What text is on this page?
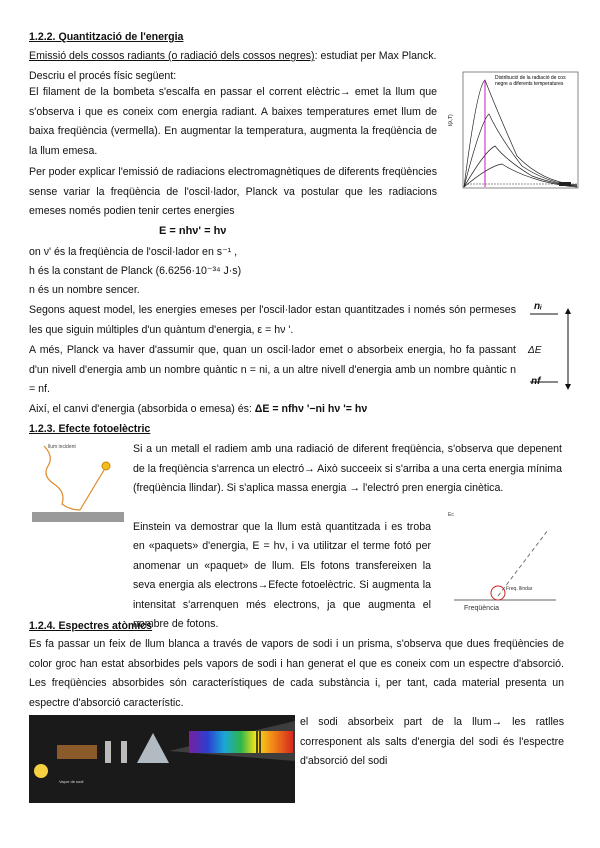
1.2.2. Quantització de l'energia
Emissió dels cossos radiants (o radiació dels cossos negres): estudiat per Max Planck.
Descriu el procés físic següent:
El filament de la bombeta s'escalfa en passar el corrent elèctric→ emet la llum que s'observa i que es coneix com energia radiant. A baixes temperatures emet llum de baixa freqüència (vermella). En augmentar la temperatura, augmenta la freqüència de la llum emesa.
Per poder explicar l'emissió de radiacions electromagnètiques de diferents freqüències sense variar la freqüència de l'oscil·lador, Planck va postular que les radiacions emeses només podien tenir certes energies
E = nhν' = hν
on ν' és la freqüència de l'oscil·lador en s⁻¹ ,
h és la constant de Planck (6.6256·10⁻³⁴ J·s)
n és un nombre sencer.
Segons aquest model, les energies emeses per l'oscil·lador estan quantitzades i només són permeses les que siguin múltiples d'un quàntum d'energia, ε = hν '.
A més, Planck va haver d'assumir que, quan un oscil·lador emet o absorbeix energia, ho fa passant d'un nivell d'energia amb un nombre quàntic n = ni, a un altre nivell d'energia amb un nombre quàntic n = nf.
Així, el canvi d'energia (absorbida o emesa) és: ΔE = nfhν '−ni hν '= hν
Distribució de la radiació de cos
negre a diferents temperatures
I(λ,T)
nᵢ
nf
ΔE
1.2.3. Efecte fotoelèctric
llum incident	Si a un metall el radiem amb una radiació de diferent freqüència, s'observa que depenent de la freqüència s'arrenca un electró→ Això succeeix si s'arriba a una certa energia mínima (freqüència llindar). Si s'aplica massa energia → l'electró pren energia cinètica.
Einstein va demostrar que la llum està quantitzada i es troba en «paquets» d'energia, E = hν, i va utilitzar el terme fotó per anomenar un «paquet» de llum. Els fotons transfereixen la seva energia als electrons→Efecte fotoelèctric. Si augmenta la intensitat s'arrenquen més electrons, ja que augmenta el nombre de fotons.
Ec
Freq. llindar
Freqüència
1.2.4. Espectres atòmics
Es fa passar un feix de llum blanca a través de vapors de sodi i un prisma, s'observa que dues freqüències de color groc han estat absorbides pels vapors de sodi i han generat el que es coneix com un espectre d'absorció. Les freqüències absorbides són característiques de cada substància i, per tant, cada material presenta un espectre d'absorció característic.
Vapor de sodi
el sodi absorbeix part de la llum→ les ratlles corresponent als salts d'energia del sodi és l'espectre d'absorció del sodi
